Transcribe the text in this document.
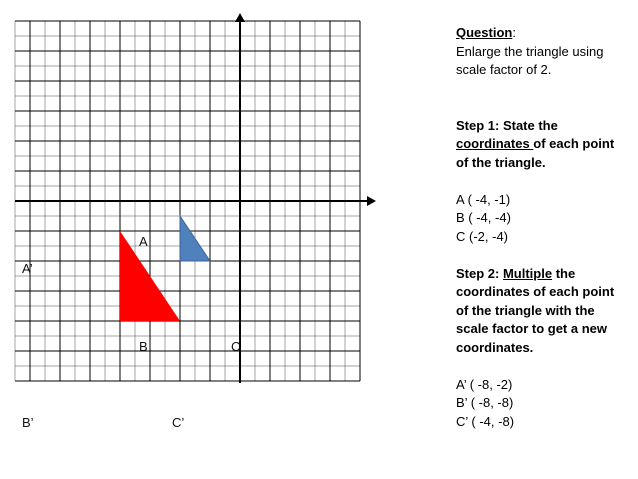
A
B	C
A’
B’	C’
Question:
Enlarge the triangle using
scale factor of 2.
Step 1: State the
coordinates of each point
of the triangle.
A ( -4, -1)
B ( -4, -4)
C (-2, -4)
Step 2: Multiple the
coordinates of each point
of the triangle with the
scale factor to get a new
coordinates.
A’ ( -8, -2)
B’ ( -8, -8)
C’ ( -4, -8)
